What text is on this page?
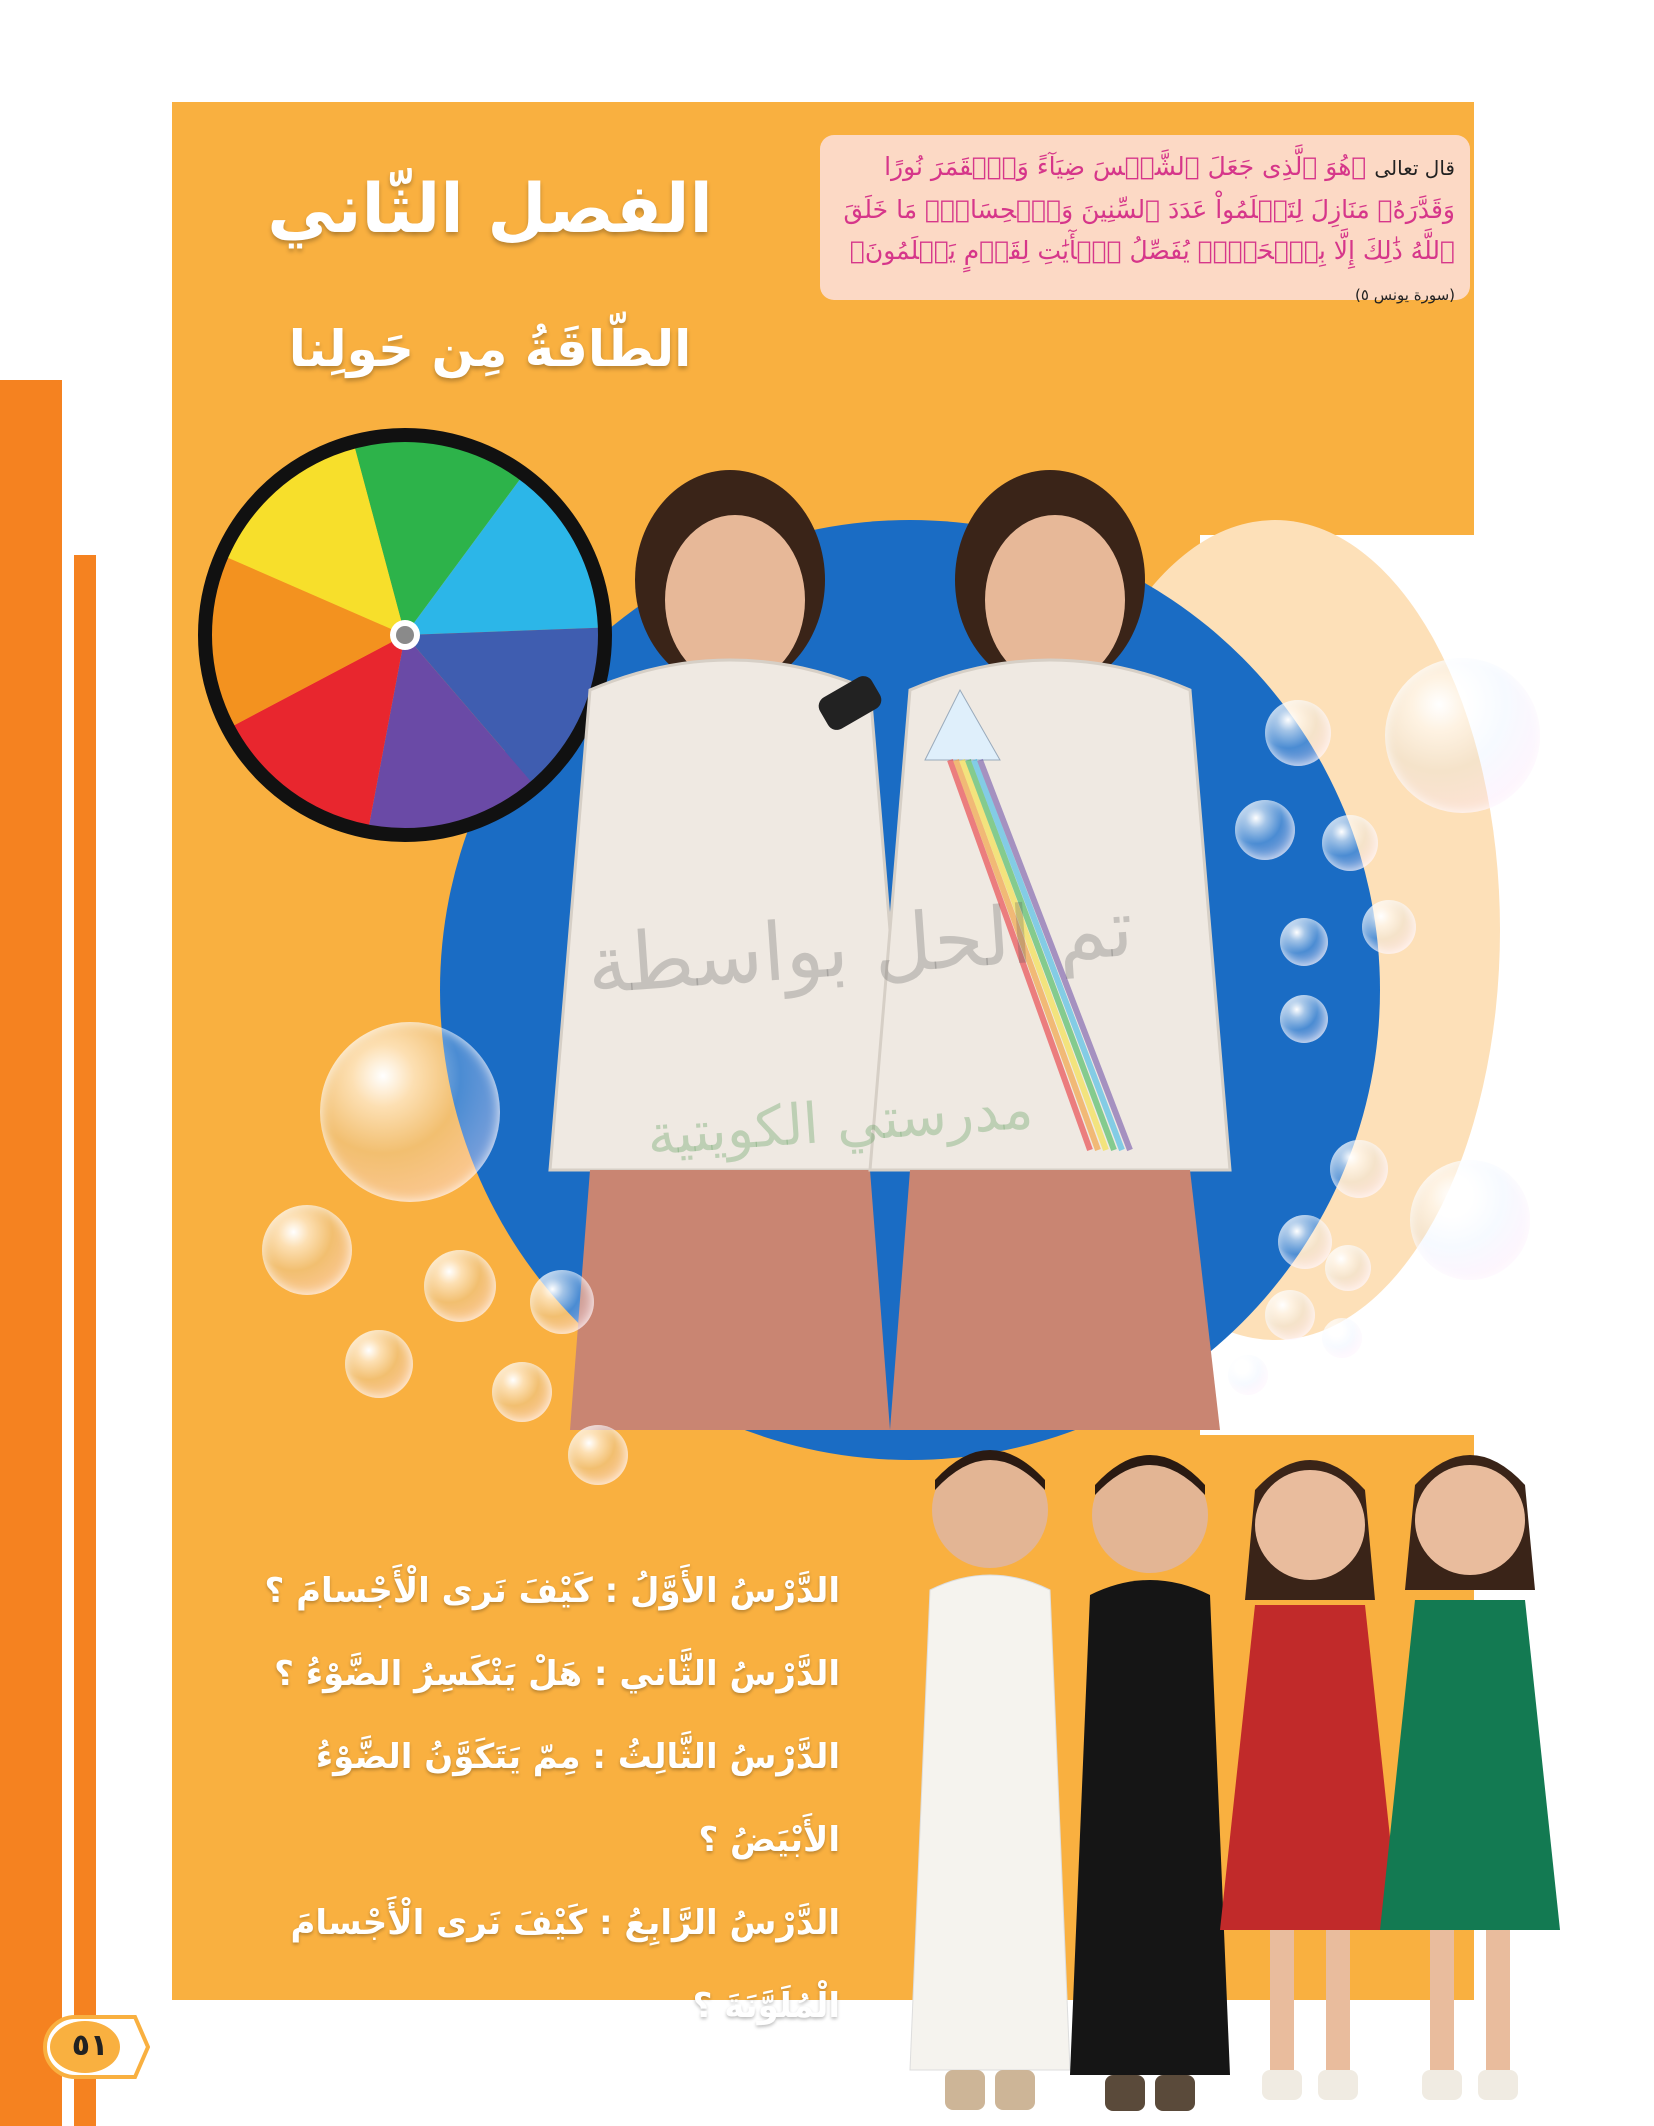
قال تعالى ﴿هُوَ ٱلَّذِى جَعَلَ ٱلشَّمۡسَ ضِيَآءً وَٱلۡقَمَرَ نُورًا وَقَدَّرَهُۥ مَنَازِلَ لِتَعۡلَمُواْ عَدَدَ ٱلسِّنِينَ وَٱلۡحِسَابَۚ مَا خَلَقَ ٱللَّهُ ذَٰلِكَ إِلَّا بِٱلۡحَقِّۚ يُفَصِّلُ ٱلۡأٓيَٰتِ لِقَوۡمٍ يَعۡلَمُونَ﴾ (سورة يونس ٥)
الفصل الثّاني
الطّاقَةُ مِن حَولِنا
تم الحل بواسطة
مدرستي الكويتية
الدَّرْسُ الأَوَّلُ : كَيْفَ نَرى الْأَجْسامَ ؟
الدَّرْسُ الثَّاني : هَلْ يَنْكَسِرُ الضَّوْءُ ؟
الدَّرْسُ الثَّالِثُ : مِمّ يَتَكَوَّنُ الضَّوْءُ الأَبْيَضُ ؟
الدَّرْسُ الرَّابِعُ : كَيْفَ نَرى الْأَجْسامَ الْمُلَوَّنَةَ ؟
٥١
